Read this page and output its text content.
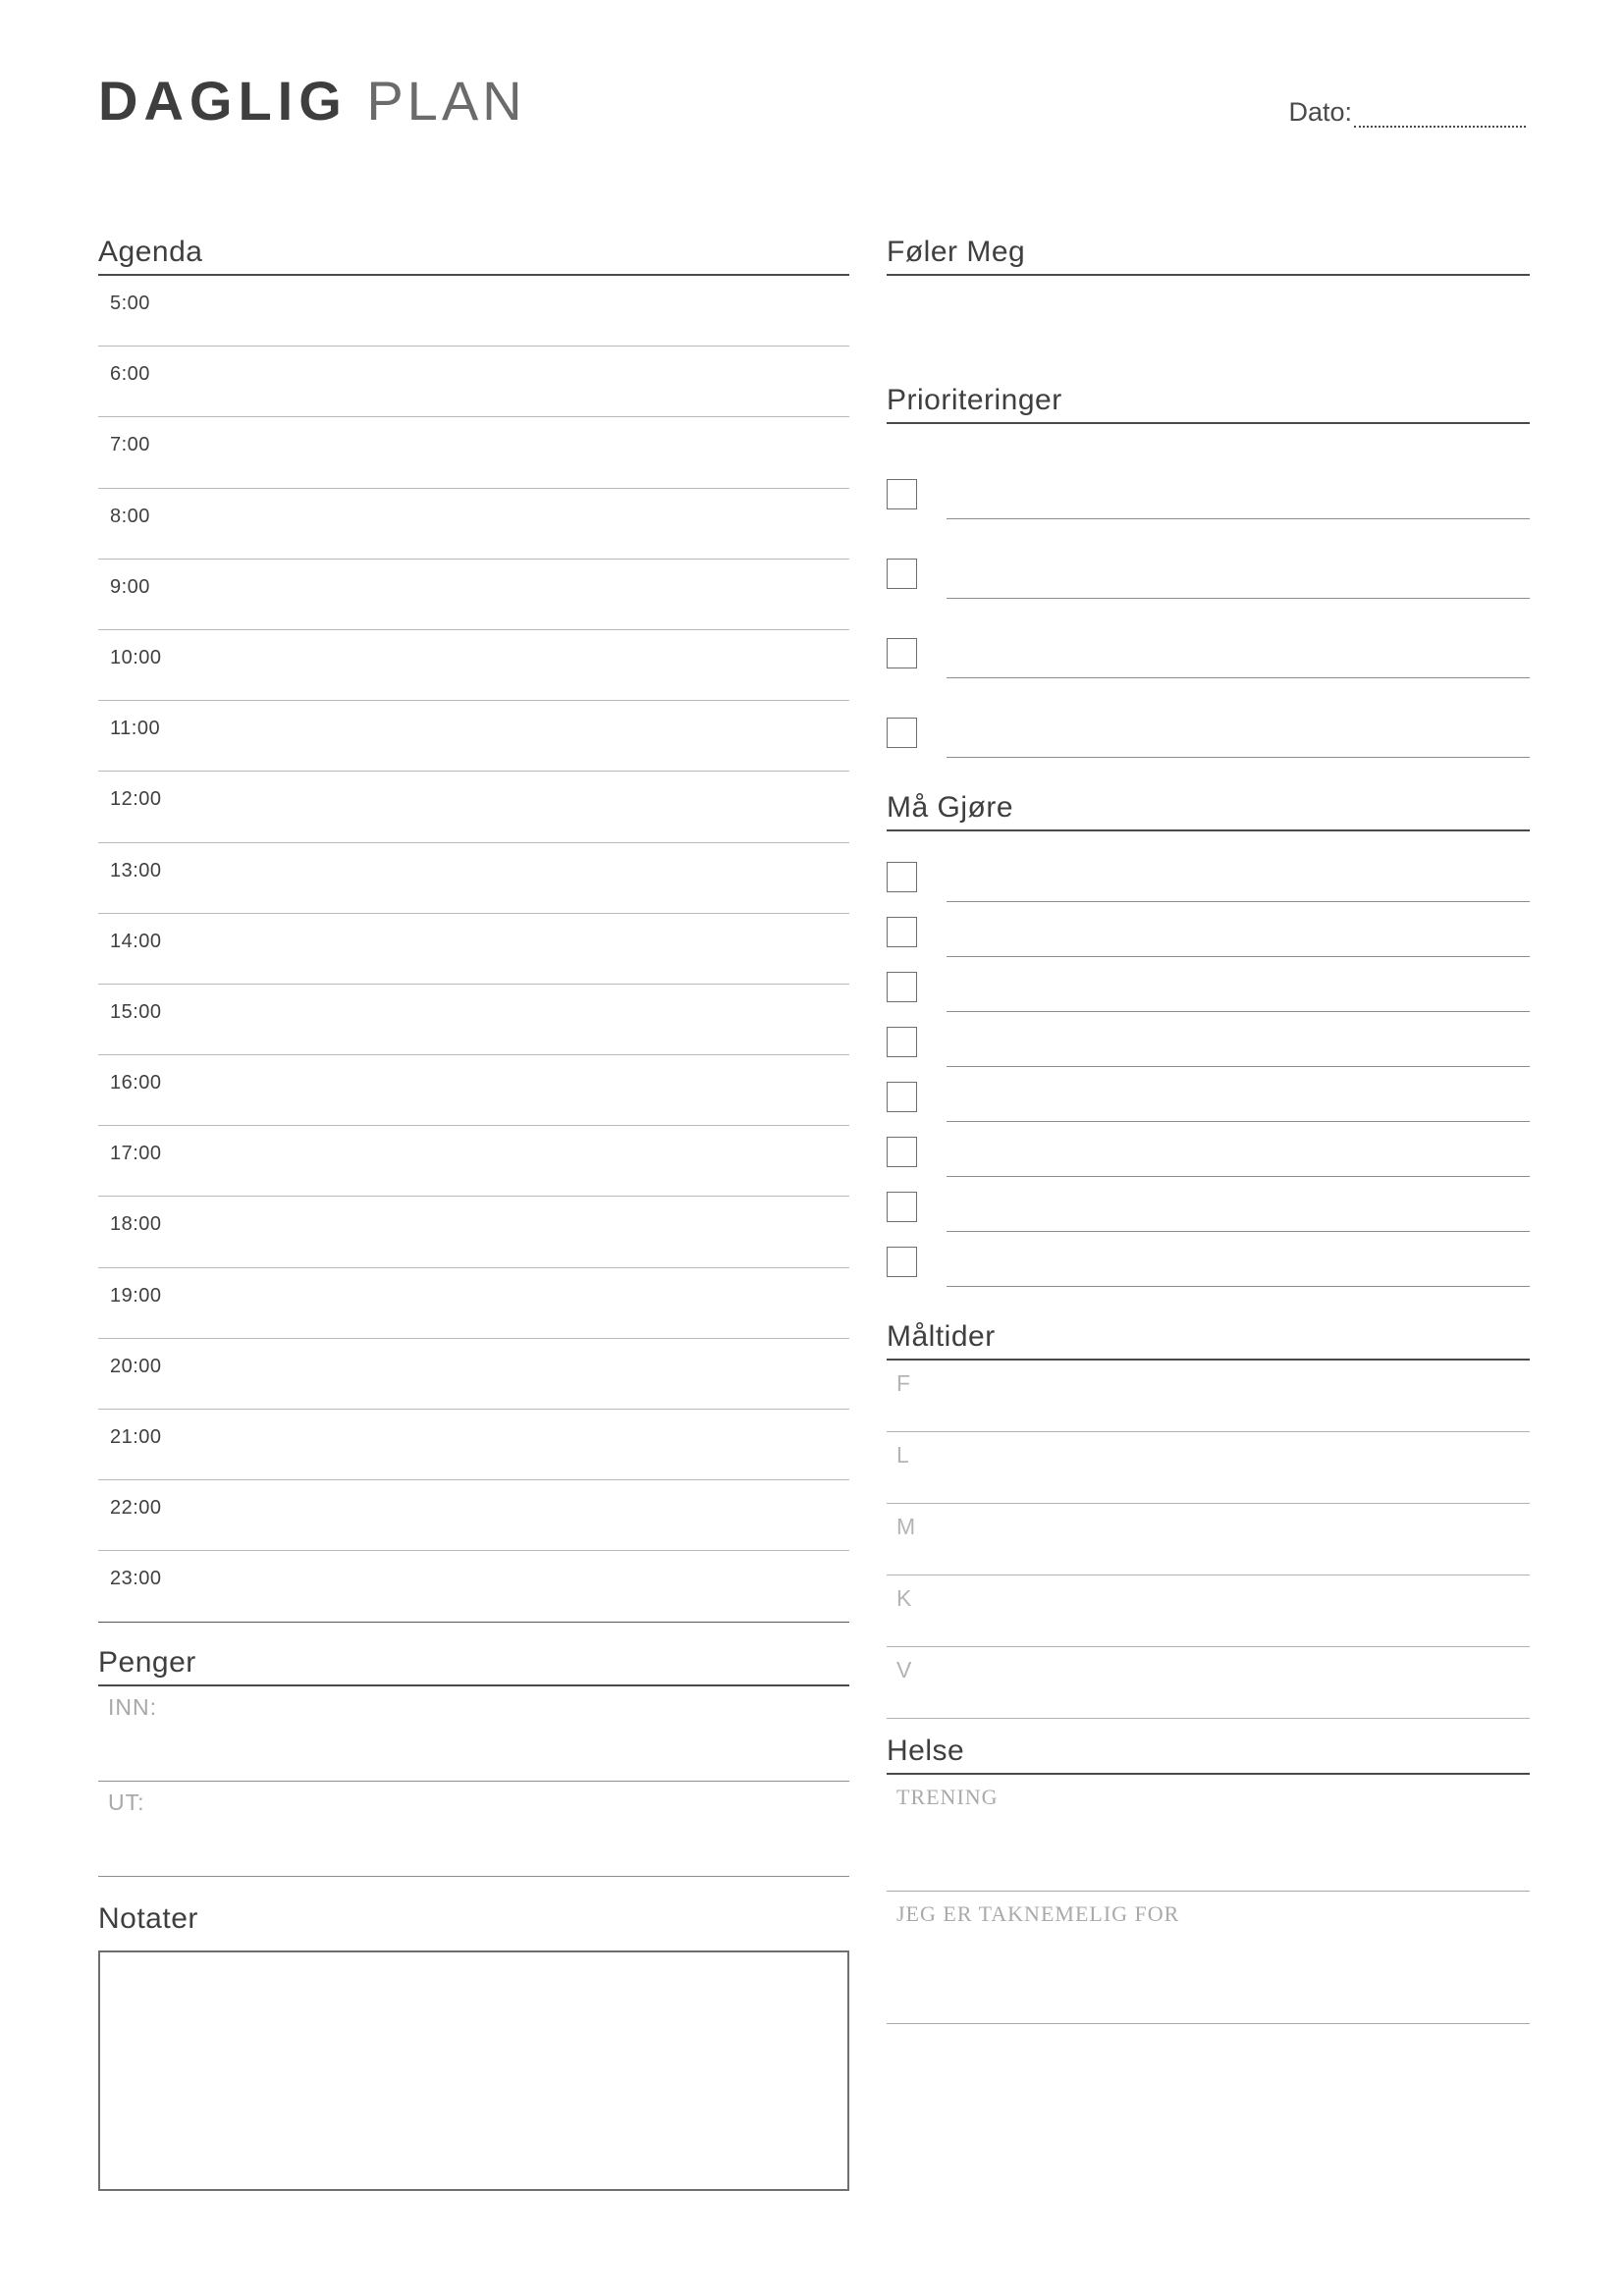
DAGLIG PLAN	Dato:
Agenda
5:00
6:00
7:00
8:00
9:00
10:00
11:00
12:00
13:00
14:00
15:00
16:00
17:00
18:00
19:00
20:00
21:00
22:00
23:00
Penger
INN:
UT:
Notater
Føler Meg
Prioriteringer
Må Gjøre
Måltider
F
L
M
K
V
Helse
TRENING
JEG ER TAKNEMELIG FOR
